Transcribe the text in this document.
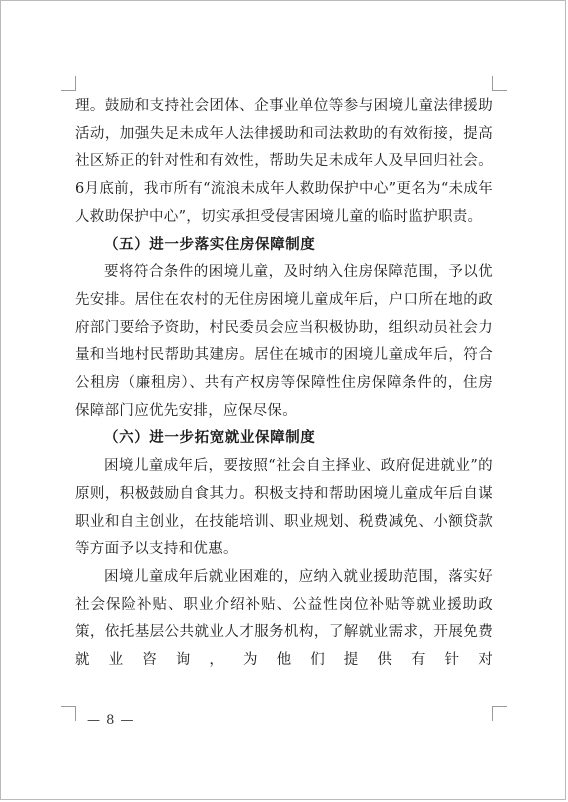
理。鼓励和支持社会团体、企事业单位等参与困境儿童法律援助活动，加强失足未成年人法律援助和司法救助的有效衔接，提高社区矫正的针对性和有效性，帮助失足未成年人及早回归社会。6月底前，我市所有“流浪未成年人救助保护中心”更名为“未成年人救助保护中心”，切实承担受侵害困境儿童的临时监护职责。

（五）进一步落实住房保障制度

要将符合条件的困境儿童，及时纳入住房保障范围，予以优先安排。居住在农村的无住房困境儿童成年后，户口所在地的政府部门要给予资助，村民委员会应当积极协助，组织动员社会力量和当地村民帮助其建房。居住在城市的困境儿童成年后，符合公租房（廉租房）、共有产权房等保障性住房保障条件的，住房保障部门应优先安排，应保尽保。

（六）进一步拓宽就业保障制度

困境儿童成年后，要按照“社会自主择业、政府促进就业”的原则，积极鼓励自食其力。积极支持和帮助困境儿童成年后自谋职业和自主创业，在技能培训、职业规划、税费减免、小额贷款等方面予以支持和优惠。

困境儿童成年后就业困难的，应纳入就业援助范围，落实好社会保险补贴、职业介绍补贴、公益性岗位补贴等就业援助政策，依托基层公共就业人才服务机构，了解就业需求，开展免费就业咨询，为他们提供有针对

— 8 —
